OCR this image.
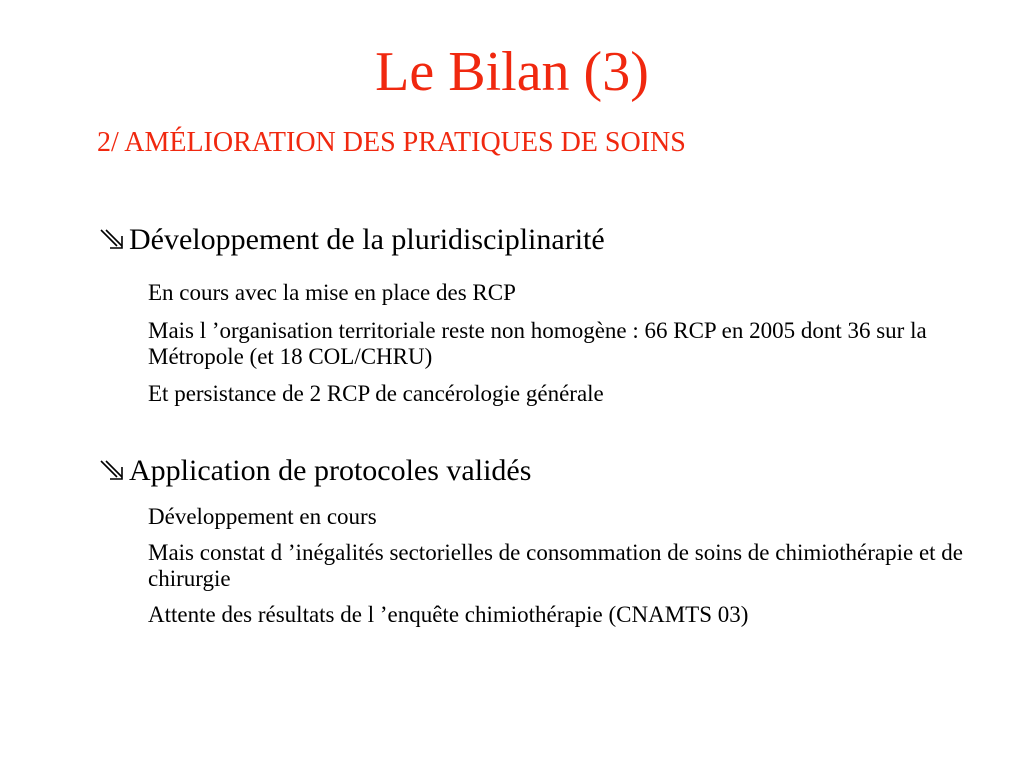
Le Bilan (3)
2/ AMÉLIORATION DES PRATIQUES DE SOINS

Développement de la pluridisciplinarité

En cours avec la mise en place des RCP
Mais l ’organisation territoriale reste non homogène : 66 RCP en 2005 dont 36 sur la Métropole (et 18 COL/CHRU)
Et persistance de 2 RCP de cancérologie générale

Application de protocoles validés

Développement en cours
Mais constat d ’inégalités sectorielles de consommation de soins de chimiothérapie et de chirurgie
Attente des résultats de l ’enquête chimiothérapie (CNAMTS 03)
